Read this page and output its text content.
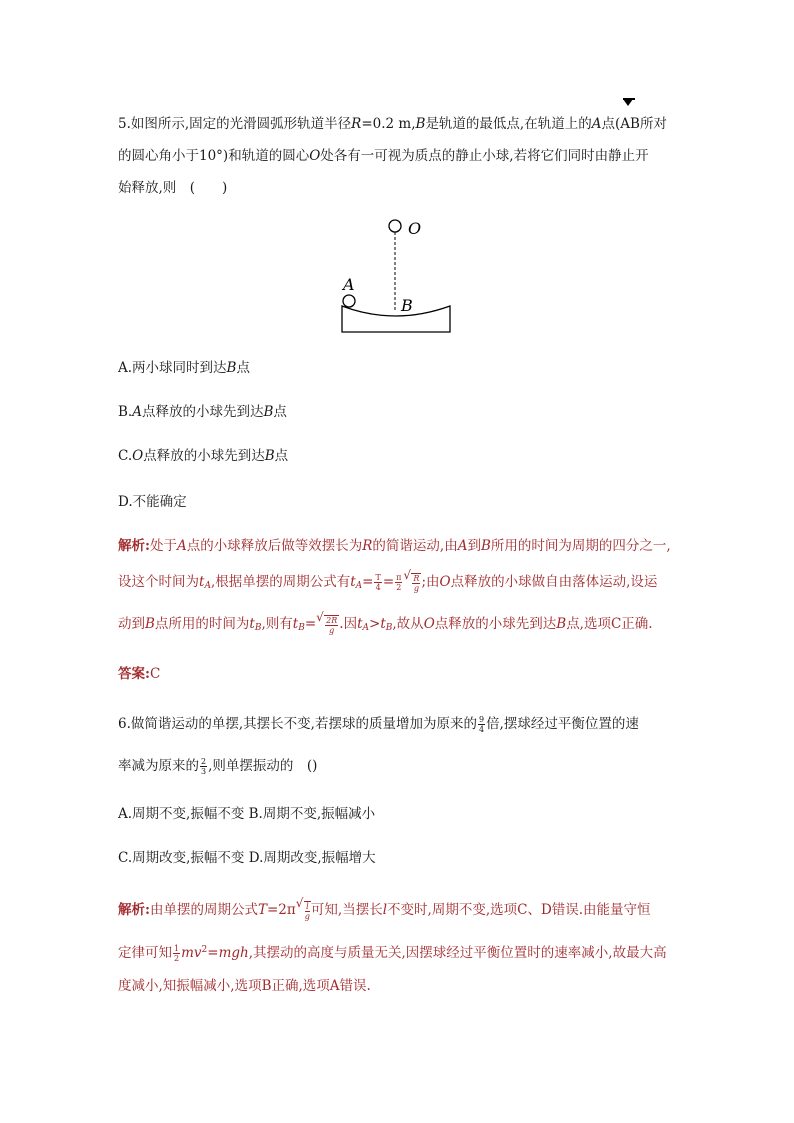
5.如图所示,固定的光滑圆弧形轨道半径R=0.2 m,B是轨道的最低点,在轨道上的A点(
AB所对
的圆心角小于10°)和轨道的圆心O处各有一可视为质点的静止小球,若将它们同时由静止开
始释放,则　(　　)
O
A
B
A.两小球同时到达B点
B.A点释放的小球先到达B点
C.O点释放的小球先到达B点
D.不能确定
解析:处于A点的小球释放后做等效摆长为R的简谐运动,由A到B所用的时间为周期的四分之一,
设这个时间为$t_A$,根据单摆的周期公式有$t_A= \frac{T}{4} = \frac{\pi}{2}$ √ $\frac{R}{g}$ ;由O点释放的小球做自由落体运动,设运
动到B点所用的时间为$t_B$,则有$t_B=$ √ $\frac{2R}{g}$ .因$t_A>t_B$,故从O点释放的小球先到达B点,选项C正确.
答案:C
6.做简谐运动的单摆,其摆长不变,若摆球的质量增加为原来的 $\frac{9}{4}$ 倍,摆球经过平衡位置的速
率减为原来的 $\frac{2}{3}$ ,则单摆振动的　()
A.周期不变,振幅不变 B.周期不变,振幅减小
C.周期改变,振幅不变 D.周期改变,振幅增大
解析:由单摆的周期公式T=2π √ $\frac{l}{g}$ 可知,当摆长l不变时,周期不变,选项C、D错误.由能量守恒
定律可知 $\frac{1}{2} mv^2=mgh$,其摆动的高度与质量无关,因摆球经过平衡位置时的速率减小,故最大高
度减小,知振幅减小,选项B正确,选项A错误.
